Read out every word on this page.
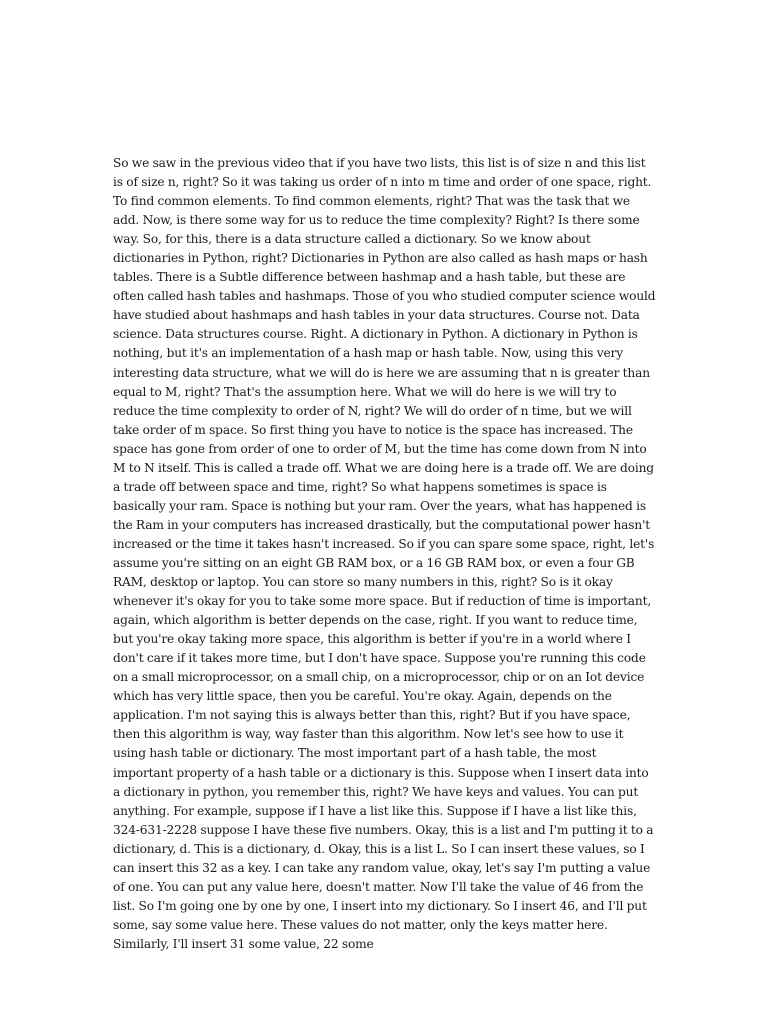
So we saw in the previous video that if you have two lists, this list is of size n and this list is of size n, right? So it was taking us order of n into m time and order of one space, right. To find common elements. To find common elements, right? That was the task that we add. Now, is there some way for us to reduce the time complexity? Right? Is there some way. So, for this, there is a data structure called a dictionary. So we know about dictionaries in Python, right? Dictionaries in Python are also called as hash maps or hash tables. There is a Subtle difference between hashmap and a hash table, but these are often called hash tables and hashmaps. Those of you who studied computer science would have studied about hashmaps and hash tables in your data structures. Course not. Data science. Data structures course. Right. A dictionary in Python. A dictionary in Python is nothing, but it's an implementation of a hash map or hash table. Now, using this very interesting data structure, what we will do is here we are assuming that n is greater than equal to M, right? That's the assumption here. What we will do here is we will try to reduce the time complexity to order of N, right? We will do order of n time, but we will take order of m space. So first thing you have to notice is the space has increased. The space has gone from order of one to order of M, but the time has come down from N into M to N itself. This is called a trade off. What we are doing here is a trade off. We are doing a trade off between space and time, right? So what happens sometimes is space is basically your ram. Space is nothing but your ram. Over the years, what has happened is the Ram in your computers has increased drastically, but the computational power hasn't increased or the time it takes hasn't increased. So if you can spare some space, right, let's assume you're sitting on an eight GB RAM box, or a 16 GB RAM box, or even a four GB RAM, desktop or laptop. You can store so many numbers in this, right? So is it okay whenever it's okay for you to take some more space. But if reduction of time is important, again, which algorithm is better depends on the case, right. If you want to reduce time, but you're okay taking more space, this algorithm is better if you're in a world where I don't care if it takes more time, but I don't have space. Suppose you're running this code on a small microprocessor, on a small chip, on a microprocessor, chip or on an Iot device which has very little space, then you be careful. You're okay. Again, depends on the application. I'm not saying this is always better than this, right? But if you have space, then this algorithm is way, way faster than this algorithm. Now let's see how to use it using hash table or dictionary. The most important part of a hash table, the most important property of a hash table or a dictionary is this. Suppose when I insert data into a dictionary in python, you remember this, right? We have keys and values. You can put anything. For example, suppose if I have a list like this. Suppose if I have a list like this, 324-631-2228 suppose I have these five numbers. Okay, this is a list and I'm putting it to a dictionary, d. This is a dictionary, d. Okay, this is a list L. So I can insert these values, so I can insert this 32 as a key. I can take any random value, okay, let's say I'm putting a value of one. You can put any value here, doesn't matter. Now I'll take the value of 46 from the list. So I'm going one by one by one, I insert into my dictionary. So I insert 46, and I'll put some, say some value here. These values do not matter, only the keys matter here. Similarly, I'll insert 31 some value, 22 some
